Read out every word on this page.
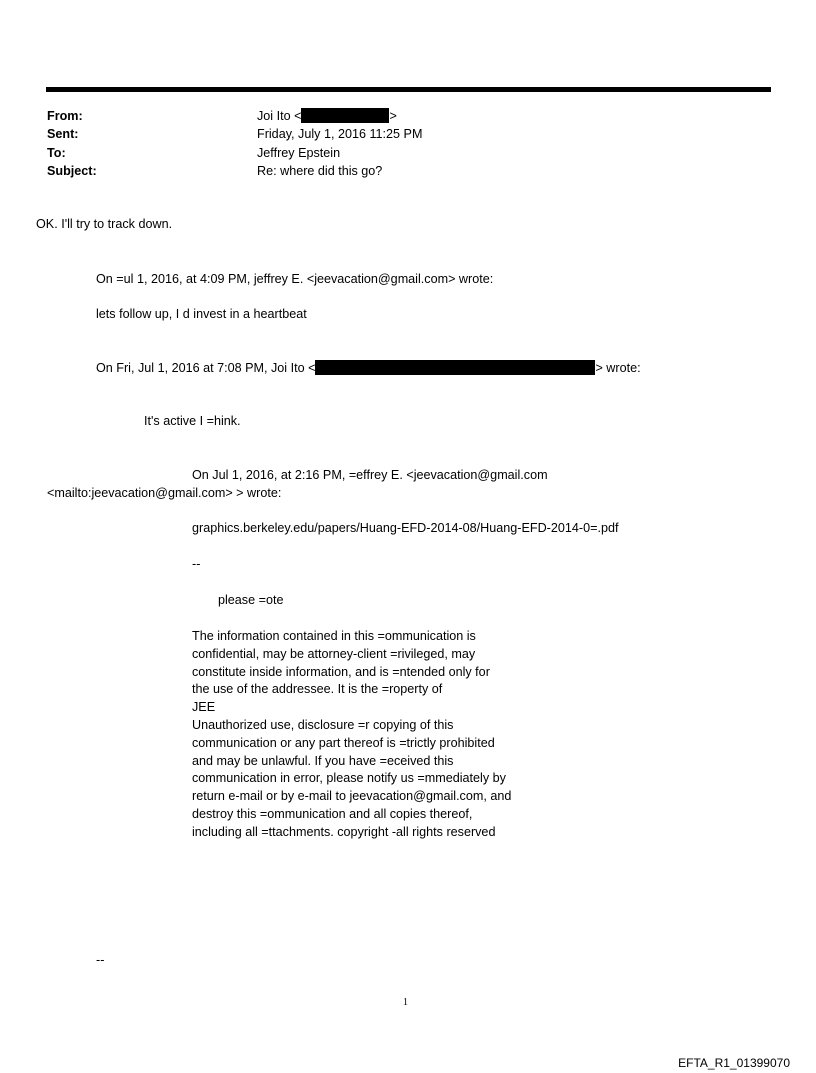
From:	Joi Ito <	>
Sent:	Friday, July 1, 2016 11:25 PM
To:	Jeffrey Epstein
Subject:	Re: where did this go?
OK. I'll try to track down.
On =ul 1, 2016, at 4:09 PM, jeffrey E. <jeevacation@gmail.com> wrote:
lets follow up, I d invest in a heartbeat
On Fri, Jul 1, 2016 at 7:08 PM, Joi Ito <	> wrote:
It's active I =hink.
On Jul 1, 2016, at 2:16 PM, =effrey E. <jeevacation@gmail.com
<mailto:jeevacation@gmail.com> > wrote:
graphics.berkeley.edu/papers/Huang-EFD-2014-08/Huang-EFD-2014-0=.pdf
--
please =ote
The information contained in this =ommunication is
confidential, may be attorney-client =rivileged, may
constitute inside information, and is =ntended only for
the use of the addressee. It is the =roperty of
JEE
Unauthorized use, disclosure =r copying of this
communication or any part thereof is =trictly prohibited
and may be unlawful. If you have =eceived this
communication in error, please notify us =mmediately by
return e-mail or by e-mail to jeevacation@gmail.com, and
destroy this =ommunication and all copies thereof,
including all =ttachments. copyright -all rights reserved
--
1
EFTA_R1_01399070
